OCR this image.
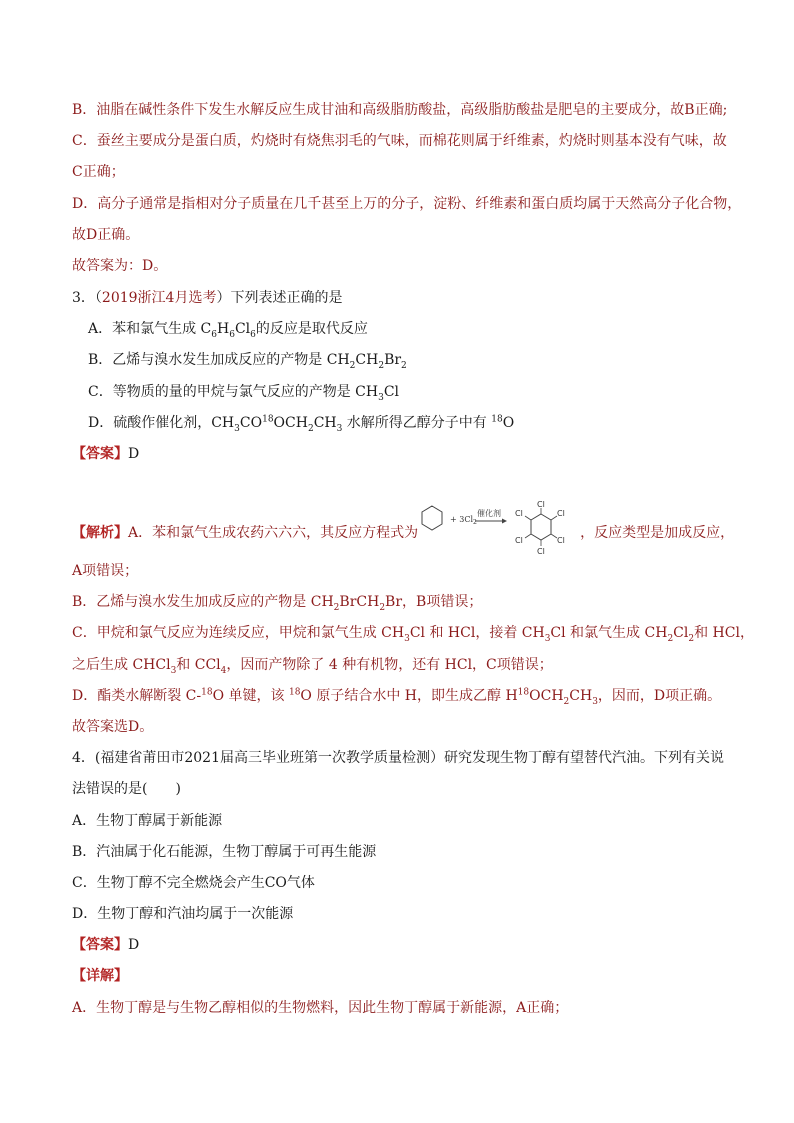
B．油脂在碱性条件下发生水解反应生成甘油和高级脂肪酸盐，高级脂肪酸盐是肥皂的主要成分，故B正确;
C．蚕丝主要成分是蛋白质，灼烧时有烧焦羽毛的气味，而棉花则属于纤维素，灼烧时则基本没有气味，故
C正确；
D．高分子通常是指相对分子质量在几千甚至上万的分子，淀粉、纤维素和蛋白质均属于天然高分子化合物，
故D正确。
故答案为：D。
3．（2019浙江4月选考）下列表述正确的是
A．苯和氯气生成 $C_6H_6Cl_6$的反应是取代反应
B．乙烯与溴水发生加成反应的产物是 $CH_2CH_2Br_2$
C．等物质的量的甲烷与氯气反应的产物是 $CH_3Cl$
D．硫酸作催化剂，$CH_3CO^{18}OCH_2CH_3$ 水解所得乙醇分子中有 $^{18}$O
【答案】D
【解析】A．苯和氯气生成农药六六六，其反应方程式为
+ $3Cl_2$
催化剂
Cl
Cl
Cl
Cl
Cl
Cl
，反应类型是加成反应，
A项错误；
B．乙烯与溴水发生加成反应的产物是 $CH_2BrCH_2Br$，B项错误；
C．甲烷和氯气反应为连续反应，甲烷和氯气生成 $CH_3Cl$ 和 HCl，接着 $CH_3Cl$ 和氯气生成 $CH_2Cl_2$和 HCl，
之后生成 CHCl$_3$和 CCl$_4$，因而产物除了 4 种有机物，还有 HCl，C项错误；
D．酯类水解断裂 C-$^{18}$O 单键，该 $^{18}$O 原子结合水中 H，即生成乙醇 $H^{18}OCH_2CH_3$，因而，D项正确。
故答案选D。
4．(福建省莆田市2021届高三毕业班第一次教学质量检测）研究发现生物丁醇有望替代汽油。下列有关说
法错误的是(　　)
A．生物丁醇属于新能源
B．汽油属于化石能源，生物丁醇属于可再生能源
C．生物丁醇不完全燃烧会产生CO气体
D．生物丁醇和汽油均属于一次能源
【答案】D
【详解】
A．生物丁醇是与生物乙醇相似的生物燃料，因此生物丁醇属于新能源，A正确；
